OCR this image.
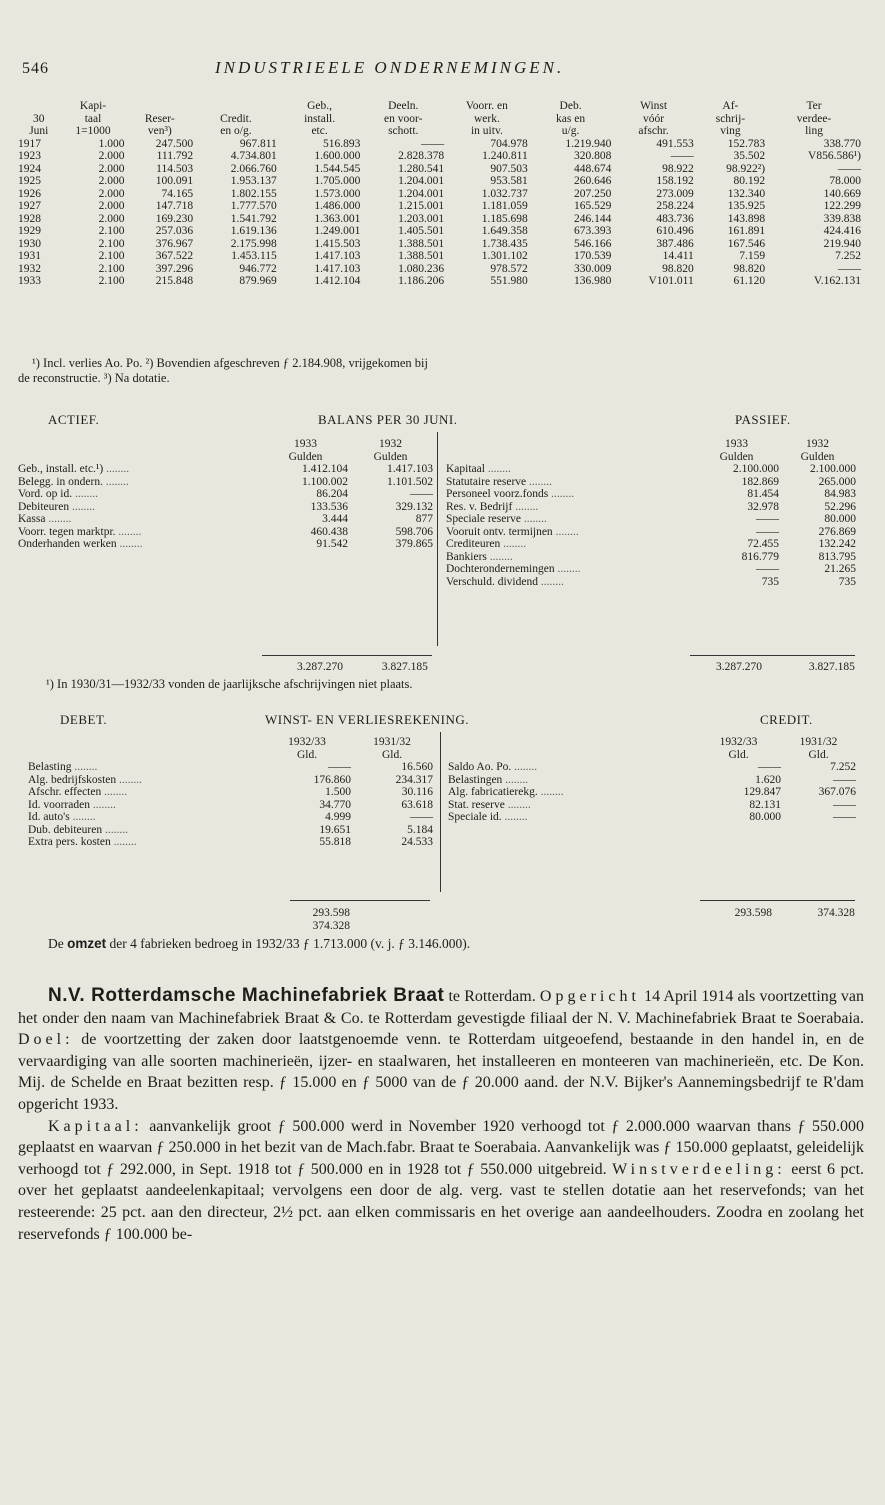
546	INDUSTRIEELE ONDERNEMINGEN.
	Kapi-			Geb.,	Deeln.	Voorr. en	Deb.	Winst	Af-	Ter
30	taal	Reser-	Credit.	install.	en voor-	werk.	kas en	vóór	schrij-	verdee-
Juni	1=1000	ven³)	en o/g.	etc.	schott.	in uitv.	u/g.	afschr.	ving	ling
1917	1.000	247.500	967.811	516.893	——	704.978	1.219.940	491.553	152.783	338.770
1923	2.000	111.792	4.734.801	1.600.000	2.828.378	1.240.811	320.808	——	35.502	V856.586¹)
1924	2.000	114.503	2.066.760	1.544.545	1.280.541	907.503	448.674	98.922	98.922²)	——
1925	2.000	100.091	1.953.137	1.705.000	1.204.001	953.581	260.646	158.192	80.192	78.000
1926	2.000	74.165	1.802.155	1.573.000	1.204.001	1.032.737	207.250	273.009	132.340	140.669
1927	2.000	147.718	1.777.570	1.486.000	1.215.001	1.181.059	165.529	258.224	135.925	122.299
1928	2.000	169.230	1.541.792	1.363.001	1.203.001	1.185.698	246.144	483.736	143.898	339.838
1929	2.100	257.036	1.619.136	1.249.001	1.405.501	1.649.358	673.393	610.496	161.891	424.416
1930	2.100	376.967	2.175.998	1.415.503	1.388.501	1.738.435	546.166	387.486	167.546	219.940
1931	2.100	367.522	1.453.115	1.417.103	1.388.501	1.301.102	170.539	14.411	7.159	7.252
1932	2.100	397.296	946.772	1.417.103	1.080.236	978.572	330.009	98.820	98.820	——
1933	2.100	215.848	879.969	1.412.104	1.186.206	551.980	136.980	V101.011	61.120	V.162.131
¹) Incl. verlies Ao. Po. ²) Bovendien afgeschreven ƒ 2.184.908, vrijgekomen bij
de reconstructie. ³) Na dotatie.
ACTIEF.	BALANS PER 30 JUNI.	PASSIEF.
	1933	1932
	Gulden	Gulden
Geb., install. etc.¹) ........	1.412.104	1.417.103
Belegg. in ondern. ........	1.100.002	1.101.502
Vord. op id. ........	86.204	——
Debiteuren ........	133.536	329.132
Kassa ........	3.444	877
Voorr. tegen marktpr. ........	460.438	598.706
Onderhanden werken ........	91.542	379.865
	1933	1932
	Gulden	Gulden
Kapitaal ........	2.100.000	2.100.000
Statutaire reserve ........	182.869	265.000
Personeel voorz.fonds ........	81.454	84.983
Res. v. Bedrijf ........	32.978	52.296
Speciale reserve ........	——	80.000
Vooruit ontv. termijnen ........	——	276.869
Crediteuren ........	72.455	132.242
Bankiers ........	816.779	813.795
Dochterondernemingen ........	——	21.265
Verschuld. dividend ........	735	735
3.287.270	3.827.185	3.287.270	3.827.185
¹) In 1930/31—1932/33 vonden de jaarlijksche afschrijvingen niet plaats.
DEBET.	WINST- EN VERLIESREKENING.	CREDIT.
	1932/33	1931/32
	Gld.	Gld.
Belasting ........	——	16.560
Alg. bedrijfskosten ........	176.860	234.317
Afschr. effecten ........	1.500	30.116
Id. voorraden ........	34.770	63.618
Id. auto's ........	4.999	——
Dub. debiteuren ........	19.651	5.184
Extra pers. kosten ........	55.818	24.533
	1932/33	1931/32
	Gld.	Gld.
Saldo Ao. Po. ........	——	7.252
Belastingen ........	1.620	——
Alg. fabricatierekg. ........	129.847	367.076
Stat. reserve ........	82.131	——
Speciale id. ........	80.000	——
293.598 374.328
293.598	374.328
De omzet der 4 fabrieken bedroeg in 1932/33 ƒ 1.713.000 (v. j. ƒ 3.146.000).

N.V. Rotterdamsche Machinefabriek Braat te Rotterdam. Opgericht 14 April 1914 als voortzetting van het onder den naam van Machinefabriek Braat & Co. te Rotterdam gevestigde filiaal der N. V. Machinefabriek Braat te Soerabaia. Doel: de voortzetting der zaken door laatstgenoemde venn. te Rotterdam uitgeoefend, bestaande in den handel in, en de vervaardiging van alle soorten machinerieën, ijzer- en staalwaren, het installeeren en monteeren van machinerieën, etc. De Kon. Mij. de Schelde en Braat bezitten resp. ƒ 15.000 en ƒ 5000 van de ƒ 20.000 aand. der N.V. Bijker's Aannemingsbedrijf te R'dam opgericht 1933.

Kapitaal: aanvankelijk groot ƒ 500.000 werd in November 1920 verhoogd tot ƒ 2.000.000 waarvan thans ƒ 550.000 geplaatst en waarvan ƒ 250.000 in het bezit van de Mach.fabr. Braat te Soerabaia. Aanvankelijk was ƒ 150.000 geplaatst, geleidelijk verhoogd tot ƒ 292.000, in Sept. 1918 tot ƒ 500.000 en in 1928 tot ƒ 550.000 uitgebreid. Winstverdeeling: eerst 6 pct. over het geplaatst aandeelenkapitaal; vervolgens een door de alg. verg. vast te stellen dotatie aan het reservefonds; van het resteerende: 25 pct. aan den directeur, 2½ pct. aan elken commissaris en het overige aan aandeelhouders. Zoodra en zoolang het reservefonds ƒ 100.000 be-
